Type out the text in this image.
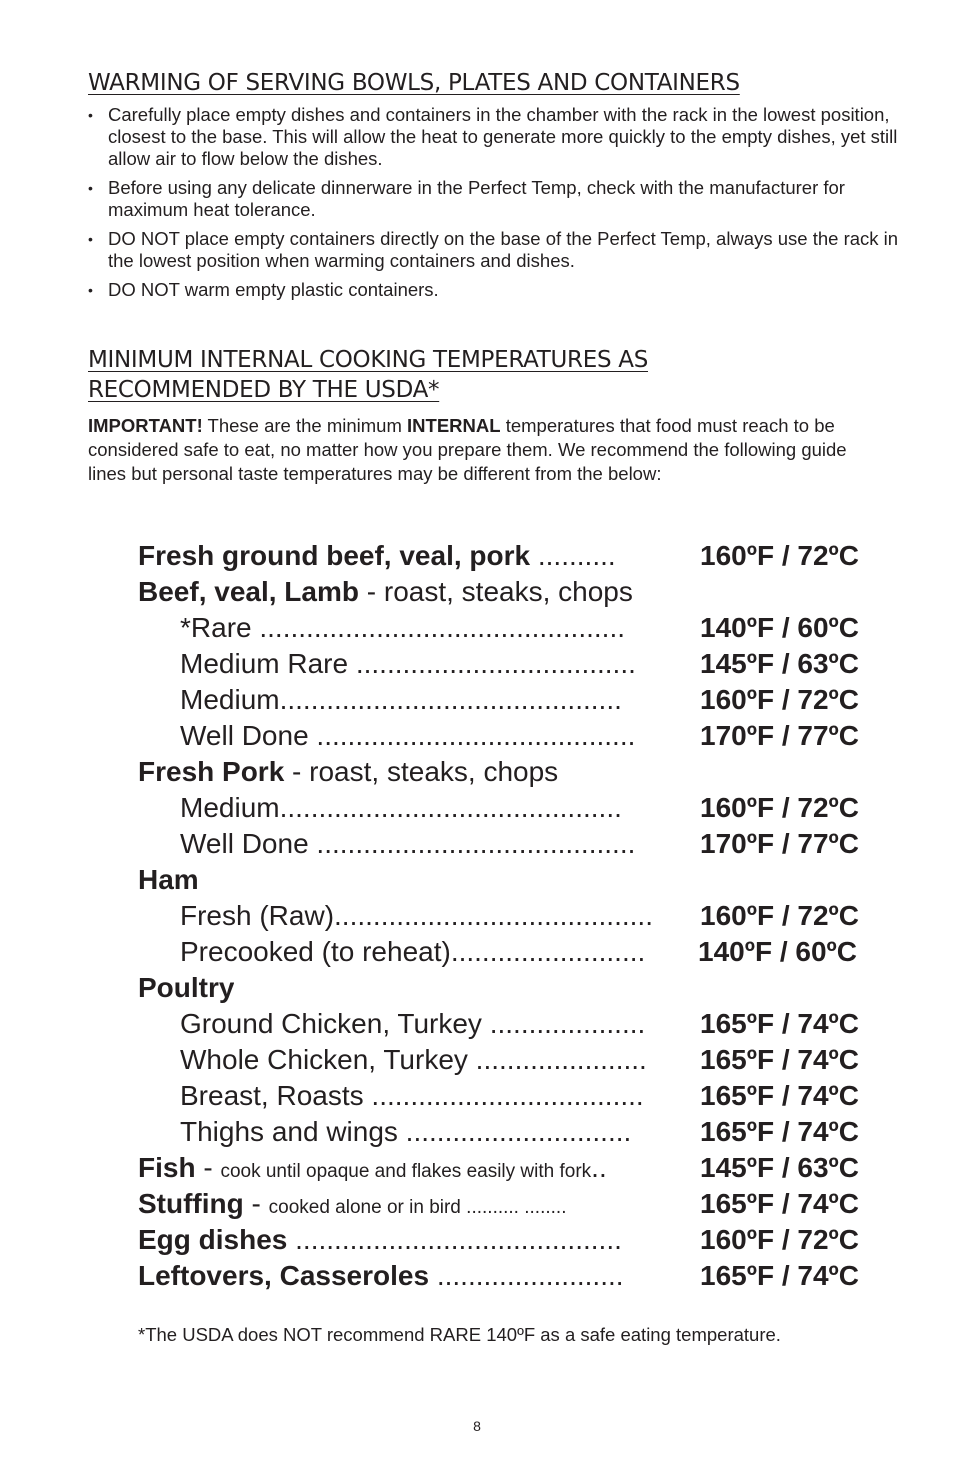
WARMING OF SERVING BOWLS, PLATES AND CONTAINERS
• Carefully place empty dishes and containers in the chamber with the rack in the lowest position, closest to the base. This will allow the heat to generate more quickly to the empty dishes, yet still allow air to flow below the dishes.
• Before using any delicate dinnerware in the Perfect Temp, check with the manufacturer for maximum heat tolerance.
• DO NOT place empty containers directly on the base of the Perfect Temp, always use the rack in the lowest position when warming containers and dishes.
• DO NOT warm empty plastic containers.
MINIMUM INTERNAL COOKING TEMPERATURES AS
RECOMMENDED BY THE USDA*
IMPORTANT! These are the minimum INTERNAL temperatures that food must reach to be considered safe to eat, no matter how you prepare them. We recommend the following guide lines but personal taste temperatures may be different from the below:
Fresh ground beef, veal, pork ..........	160ºF / 72ºC
Beef, veal, Lamb - roast, steaks, chops
*Rare ...............................................	140ºF / 60ºC
Medium Rare .................................... 145ºF / 63ºC
Medium............................................	160ºF / 72ºC
Well Done ......................................... 170ºF / 77ºC
Fresh Pork - roast, steaks, chops
Medium............................................	160ºF / 72ºC
Well Done ......................................... 170ºF / 77ºC
Ham
Fresh (Raw)......................................... 160ºF / 72ºC
Precooked (to reheat)......................... 140ºF / 60ºC
Poultry
Ground Chicken, Turkey .................... 165ºF / 74ºC
Whole Chicken, Turkey ...................... 165ºF / 74ºC
Breast, Roasts ................................... 165ºF / 74ºC
Thighs and wings ............................. 165ºF / 74ºC
Fish - cook until opaque and flakes easily with fork..	145ºF / 63ºC
Stuffing - cooked alone or in bird .......... ........	165ºF / 74ºC
Egg dishes ..........................................	160ºF / 72ºC
Leftovers, Casseroles ........................	165ºF / 74ºC
*The USDA does NOT recommend RARE 140ºF as a safe eating temperature.
8
